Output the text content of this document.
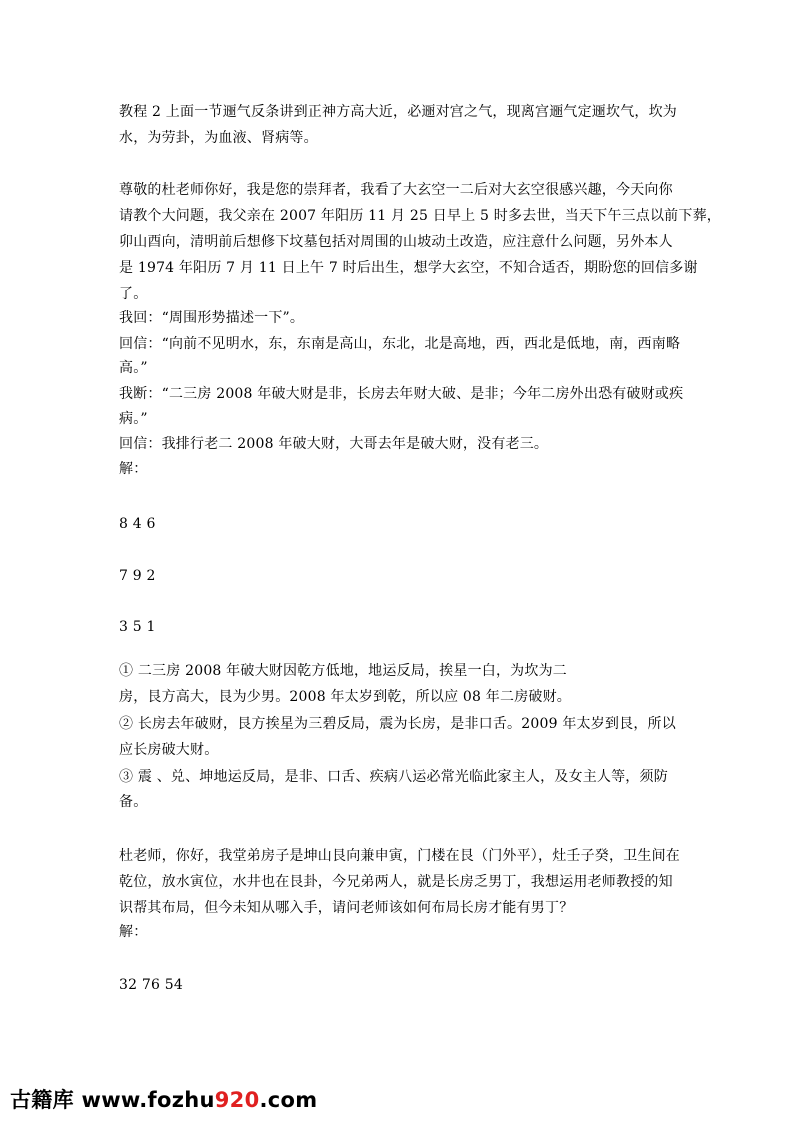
教程 2 上面一节逦气反条讲到正神方高大近，必逦对宫之气，现离宫逦气定逦坎气，坎为
水，为劳卦，为血液、肾病等。
尊敬的杜老师你好，我是您的崇拜者，我看了大玄空一二后对大玄空很感兴趣，今天向你
请教个大问题，我父亲在 2007 年阳历 11 月 25 日早上 5 时多去世，当天下午三点以前下葬，
卯山酉向，清明前后想修下坟墓包括对周围的山坡动土改造，应注意什么问题，另外本人
是 1974 年阳历 7 月 11 日上午 7 时后出生，想学大玄空，不知合适否，期盼您的回信多谢
了。
我回：“周围形势描述一下”。
回信：“向前不见明水，东，东南是高山，东北，北是高地，西，西北是低地，南，西南略
高。”
我断：“二三房 2008 年破大财是非，长房去年财大破、是非；今年二房外出恐有破财或疾
病。”
回信：我排行老二 2008 年破大财，大哥去年是破大财，没有老三。
解：
8 4 6
7 9 2
3 5 1
① 二三房 2008 年破大财因乾方低地，地运反局，挨星一白，为坎为二
房，艮方高大，艮为少男。2008 年太岁到乾，所以应 08 年二房破财。
② 长房去年破财，艮方挨星为三碧反局，震为长房，是非口舌。2009 年太岁到艮，所以
应长房破大财。
③ 震 、兑、坤地运反局，是非、口舌、疾病八运必常光临此家主人，及女主人等，须防
备。
杜老师，你好，我堂弟房子是坤山艮向兼申寅，门楼在艮（门外平），灶壬子癸，卫生间在
乾位，放水寅位，水井也在艮卦，今兄弟两人，就是长房乏男丁，我想运用老师教授的知
识帮其布局，但今未知从哪入手，请问老师该如何布局长房才能有男丁？
解：
32 76 54
古籍库 www.fozhu920.com
